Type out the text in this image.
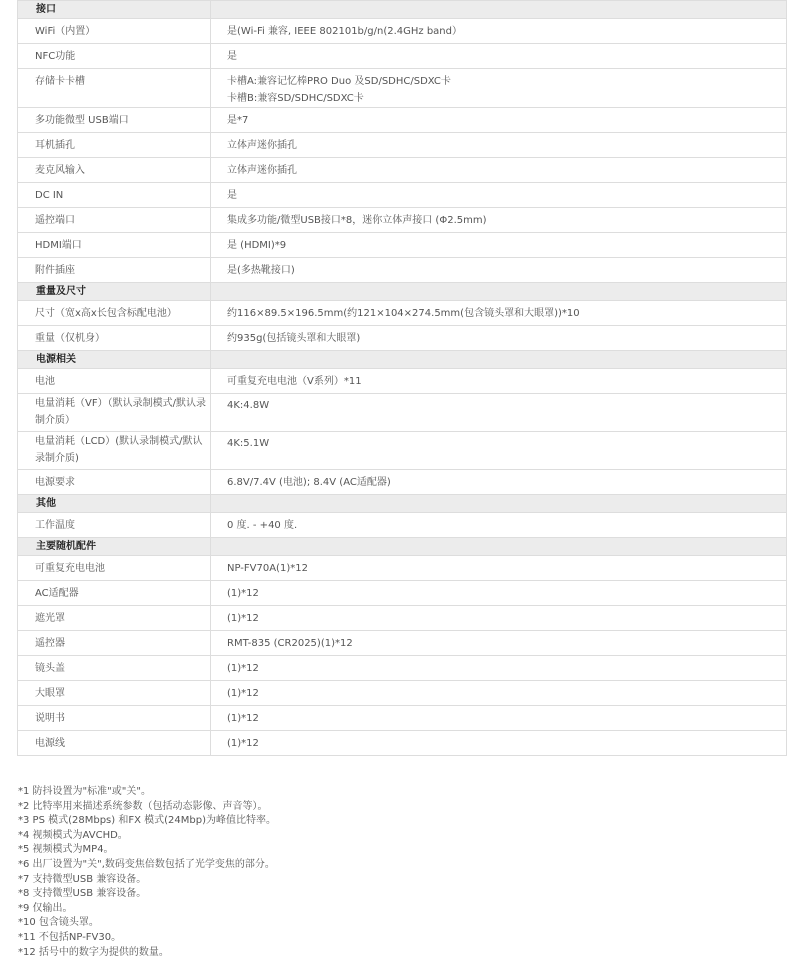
接口	
WiFi（内置）	是(Wi-Fi 兼容, IEEE 802101b/g/n(2.4GHz band）

NFC功能	是

存储卡卡槽	卡槽A:兼容记忆棒PRO Duo 及SD/SDHC/SDXC卡
卡槽B:兼容SD/SDHC/SDXC卡

多功能微型 USB端口	是*7

耳机插孔	立体声迷你插孔

麦克风输入	立体声迷你插孔

DC IN	是

遥控端口	集成多功能/微型USB接口*8，迷你立体声接口 (Φ2.5mm)

HDMI端口	是 (HDMI)*9

附件插座	是(多热靴接口)

重量及尺寸	
尺寸（宽x高x长包含标配电池）	约116×89.5×196.5mm(约121×104×274.5mm(包含镜头罩和大眼罩))*10

重量（仅机身）	约935g(包括镜头罩和大眼罩)

电源相关	
电池	可重复充电电池（V系列）*11

电量消耗（VF）（默认录制模式/默认录制介质）	4K:4.8W

电量消耗（LCD）(默认录制模式/默认录制介质)	4K:5.1W

电源要求	6.8V/7.4V (电池); 8.4V (AC适配器)

其他	
工作温度	0 度. - +40 度.

主要随机配件	
可重复充电电池	NP-FV70A(1)*12

AC适配器	(1)*12

遮光罩	(1)*12

遥控器	RMT-835 (CR2025)(1)*12

镜头盖	(1)*12

大眼罩	(1)*12

说明书	(1)*12

电源线	(1)*12
*1 防抖设置为"标准"或"关"。
*2 比特率用来描述系统参数（包括动态影像、声音等）。
*3 PS 模式(28Mbps) 和FX 模式(24Mbp)为峰值比特率。
*4 视频模式为AVCHD。
*5 视频模式为MP4。
*6 出厂设置为"关",数码变焦倍数包括了光学变焦的部分。
*7 支持微型USB 兼容设备。
*8 支持微型USB 兼容设备。
*9 仅输出。
*10 包含镜头罩。
*11 不包括NP-FV30。
*12 括号中的数字为提供的数量。
